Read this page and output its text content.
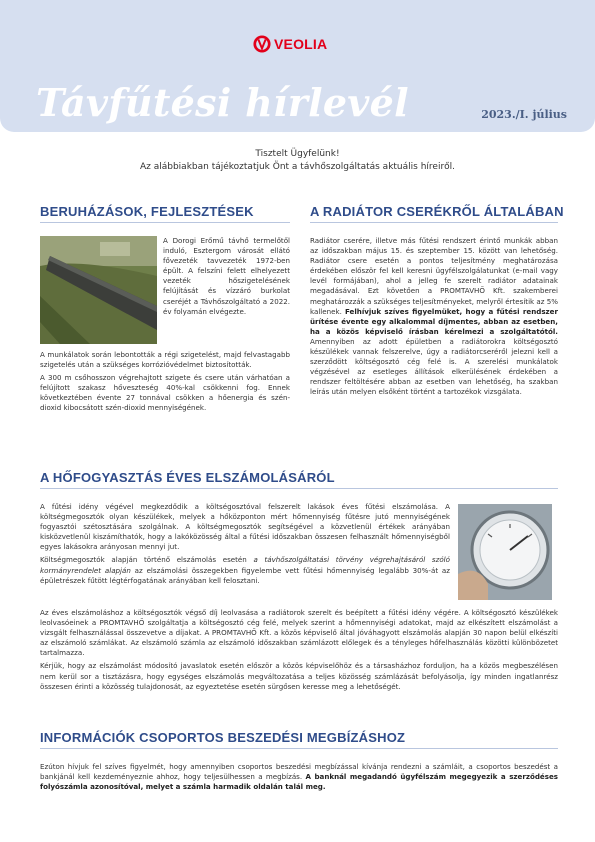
VEOLIA
Távfűtési hírlevél	2023./I. július
Tisztelt Ügyfelünk!
Az alábbiakban tájékoztatjuk Önt a távhőszolgáltatás aktuális híreiről.
BERUHÁZÁSOK, FEJLESZTÉSEK

A Dorogi Erőmű távhő termelőtől induló, Esztergom városát ellátó fővezeték tavvezeték 1972-ben épült. A felszíni felett elhelyezett vezeték hőszigetelésének felújítását és vízzáró burkolat cseréjét a Távhőszolgáltató a 2022. év folyamán elvégezte.

A munkálatok során lebontották a régi szigetelést, majd felvastagabb szigetelés után a szükséges korrózióvédelmet biztosították.

A 300 m csőhosszon végrehajtott szigete és csere után várhatóan a felújított szakasz hőveszteség 40%-kal csökkenni fog. Ennek következtében évente 27 tonnával csökken a hőenergia és szén-dioxid kibocsátott szén-dioxid mennyiségének.

A RADIÁTOR CSERÉKRŐL ÁLTALÁBAN

Radiátor cserére, illetve más fűtési rendszert érintő munkák abban az időszakban május 15. és szeptember 15. között van lehetőség. Radiátor csere esetén a pontos teljesítmény meghatározása érdekében először fel kell keresni ügyfélszolgálatunkat (e-mail vagy levél formájában), ahol a jelleg fe szerelt radiátor adatainak megadásával. Ezt követően a PROMTAVHŐ Kft. szakemberei meghatározzák a szükséges teljesítményeket, melyről értesítik az 5% kallenek. Felhívjuk szíves figyelmüket, hogy a fűtési rendszer ürítése évente egy alkalommal díjmentes, abban az esetben, ha a közös képviselő írásban kérelmezi a szolgáltatótól. Amennyiben az adott épületben a radiátorokra költségosztó készülékek vannak felszerelve, úgy a radiátorcseréről jelezni kell a szerződött költségosztó cég felé is. A szerelési munkálatok végzésével az esetleges állítások elkerülésének érdekében a rendszer feltöltésére abban az esetben van lehetőség, ha szakban leírás után melyen elsőként történt a tartozékok vizsgálata.

A HŐFOGYASZTÁS ÉVES ELSZÁMOLÁSÁRÓL

A fűtési idény végével megkezdődik a költségosztóval felszerelt lakások éves fűtési elszámolása. A költségmegosztók olyan készülékek, melyek a hőközponton mért hőmennyiség fűtésre jutó mennyiségének fogyasztói szétosztására szolgálnak. A költségmegosztók segítségével a közvetlenül értékek arányában kisközvetlenül kiszámíthatók, hogy a lakóközösség által a fűtési időszakban összesen felhasznált hőmennyiségből egyes lakásokra arányosan mennyi jut.

Költségmegosztók alapján történő elszámolás esetén a távhőszolgáltatási törvény végrehajtásáról szóló kormányrendelet alapján az elszámolási összegekben figyelembe vett fűtési hőmennyiség legalább 30%-át az épületrészek fűtött légtérfogatának arányában kell felosztani.

Az éves elszámoláshoz a költségosztók végső díj leolvasása a radiátorok szerelt és beépített a fűtési idény végére. A költségosztó készülékek leolvasóeinek a PROMTAVHŐ szolgáltatja a költségosztó cég felé, melyek szerint a hőmennyiségi adatokat, majd az elkészített elszámolást a vizsgált felhasználással összevetve a díjakat. A PROMTAVHŐ Kft. a közös képviselő által jóváhagyott elszámolás alapján 30 napon belül elkészíti az elszámoló számlákat. Az elszámoló számla az elszámoló időszakban számlázott előlegek és a tényleges hőfelhasználás közötti különbözetet tartalmazza.

Kérjük, hogy az elszámolást módosító javaslatok esetén először a közös képviselőhöz és a társasházhoz forduljon, ha a közös megbeszélésen nem kerül sor a tisztázásra, hogy egységes elszámolás megváltozatása a teljes közösség számlázását befolyásolja, így minden ingatlanrész összesen érinti a közösség tulajdonosát, az egyeztetése esetén sürgősen keresse meg a lehetőségét.

INFORMÁCIÓK CSOPORTOS BESZEDÉSI MEGBÍZÁSHOZ

Ezúton hívjuk fel szíves figyelmét, hogy amennyiben csoportos beszedési megbízással kívánja rendezni a számláit, a csoportos beszedést a bankjánál kell kezdeményeznie ahhoz, hogy teljesülhessen a megbízás. A banknál megadandó ügyfélszám megegyezik a szerződéses folyószámla azonosítóval, melyet a számla harmadik oldalán talál meg.
